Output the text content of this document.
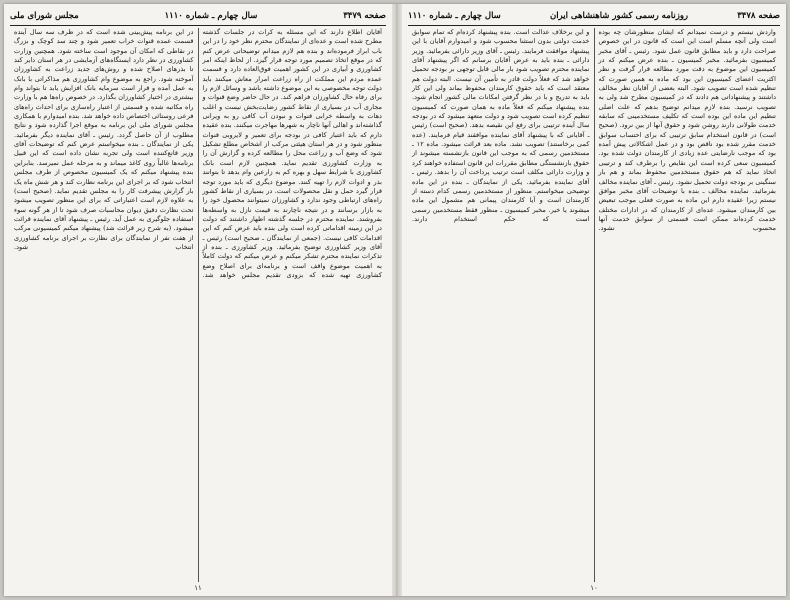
صفحه ۳۴۷۹
سال چهارم ـ شماره ۱۱۱۰
مجلس شورای ملی

آقایان اطلاع دارند که این مسئله به کرات در جلسات گذشته مطرح شده است و عده‌ای از نمایندگان محترم نظر خود را در این باب ابراز فرموده‌اند و بنده هم لازم میدانم توضیحاتی عرض کنم که در موقع اتخاذ تصمیم مورد توجه قرار گیرد. از لحاظ اینکه امر کشاورزی و آبیاری در این کشور اهمیت فوق‌العاده دارد و قسمت عمده مردم این مملکت از راه زراعت امرار معاش میکنند باید دولت توجه مخصوصی به این موضوع داشته باشد و وسائل لازم را برای رفاه حال کشاورزان فراهم کند. در حال حاضر وضع قنوات و مجاری آب در بسیاری از نقاط کشور رضایت‌بخش نیست و اغلب دهات به واسطه خرابی قنوات و نبودن آب کافی رو به ویرانی گذاشته‌اند و اهالی آنها ناچار به شهرها مهاجرت میکنند. بنده عقیده دارم که باید اعتبار کافی در بودجه برای تعمیر و لایروبی قنوات منظور شود و در هر استان هیئتی مرکب از اشخاص مطلع تشکیل شود که وضع آب و زراعت محل را مطالعه کرده و گزارش آن را به وزارت کشاورزی تقدیم نماید. همچنین لازم است بانک کشاورزی با شرایط سهل و بهره کم به زارعین وام بدهد تا بتوانند بذر و ادوات لازم را تهیه کنند. موضوع دیگری که باید مورد توجه قرار گیرد حمل و نقل محصولات است. در بسیاری از نقاط کشور راه‌های ارتباطی وجود ندارد و کشاورزان نمیتوانند محصول خود را به بازار برسانند و در نتیجه ناچارند به قیمت نازل به واسطه‌ها بفروشند. نماینده محترم در جلسه گذشته اظهار داشتند که دولت در این زمینه اقداماتی کرده است ولی بنده باید عرض کنم که این اقدامات کافی نیست. (جمعی از نمایندگان ـ صحیح است) رئیس ـ آقای وزیر کشاورزی توضیح بفرمائید. وزیر کشاورزی ـ بنده از تذکرات نماینده محترم تشکر میکنم و عرض میکنم که دولت کاملاً به اهمیت موضوع واقف است و برنامه‌ای برای اصلاح وضع کشاورزی تهیه شده که بزودی تقدیم مجلس خواهد شد.

در این برنامه پیش‌بینی شده است که در ظرف سه سال آینده قسمت عمده قنوات خراب تعمیر شود و چند سد کوچک و بزرگ در نقاطی که امکان آن موجود است ساخته شود. همچنین وزارت کشاورزی در نظر دارد ایستگاه‌های آزمایشی در هر استان دایر کند تا بذرهای اصلاح شده و روش‌های جدید زراعت به کشاورزان آموخته شود. راجع به موضوع وام کشاورزی هم مذاکراتی با بانک به عمل آمده و قرار است سرمایه بانک افزایش یابد تا بتواند وام بیشتری در اختیار کشاورزان بگذارد. در خصوص راه‌ها هم با وزارت راه مکاتبه شده و قسمتی از اعتبار راه‌سازی برای احداث راه‌های فرعی روستائی اختصاص داده خواهد شد. بنده امیدوارم با همکاری مجلس شورای ملی این برنامه به موقع اجرا گذارده شود و نتایج مطلوب از آن حاصل گردد. رئیس ـ آقای نماینده دیگر بفرمائید. یکی از نمایندگان ـ بنده میخواستم عرض کنم که توضیحات آقای وزیر قانع‌کننده است ولی تجربه نشان داده است که این قبیل برنامه‌ها غالباً روی کاغذ میماند و به مرحله عمل نمیرسد. بنابراین بنده پیشنهاد میکنم که یک کمیسیون مخصوص از طرف مجلس انتخاب شود که بر اجرای این برنامه نظارت کند و هر شش ماه یک بار گزارش پیشرفت کار را به مجلس تقدیم نماید. (صحیح است) به علاوه لازم است اعتباراتی که برای این منظور تصویب میشود تحت نظارت دقیق دیوان محاسبات صرف شود تا از هر گونه سوء استفاده جلوگیری به عمل آید. رئیس ـ پیشنهاد آقای نماینده قرائت میشود. (به شرح زیر قرائت شد) پیشنهاد میکنم کمیسیونی مرکب از هفت نفر از نمایندگان برای نظارت بر اجرای برنامه کشاورزی انتخاب شود.

۱۱
صفحه ۳۴۷۸
روزنامه رسمی کشور شاهنشاهی ایران
سال چهارم ـ شماره ۱۱۱۰

واردش نیستم و درست نمیدانم که ایشان منظورشان چه بوده است ولی آنچه مسلم است این است که قانون در این خصوص صراحت دارد و باید مطابق قانون عمل شود. رئیس ـ آقای مخبر کمیسیون بفرمائید. مخبر کمیسیون ـ بنده عرض میکنم که در کمیسیون این موضوع به دقت مورد مطالعه قرار گرفت و نظر اکثریت اعضای کمیسیون این بود که ماده به همین صورت که تنظیم شده است تصویب شود. البته بعضی از آقایان نظر مخالف داشتند و پیشنهاداتی هم دادند که در کمیسیون مطرح شد ولی به تصویب نرسید. بنده لازم میدانم توضیح بدهم که علت اصلی تنظیم این ماده این بوده است که تکلیف مستخدمینی که سابقه خدمت طولانی دارند روشن شود و حقوق آنها از بین نرود. (صحیح است) در قانون استخدام سابق ترتیبی که برای احتساب سوابق خدمت مقرر شده بود ناقص بود و در عمل اشکالاتی پیش آمده بود که موجب نارضایتی عده زیادی از کارمندان دولت شده بود. کمیسیون سعی کرده است این نقایص را برطرف کند و ترتیبی اتخاذ نماید که هم حقوق مستخدمین محفوظ بماند و هم بار سنگینی بر بودجه دولت تحمیل نشود. رئیس ـ آقای نماینده مخالف بفرمائید. نماینده مخالف ـ بنده با توضیحات آقای مخبر موافق نیستم زیرا عقیده دارم این ماده به صورت فعلی موجب تبعیض بین کارمندان میشود. عده‌ای از کارمندان که در ادارات مختلف خدمت کرده‌اند ممکن است قسمتی از سوابق خدمت آنها محسوب نشود.

و این برخلاف عدالت است. بنده پیشنهاد کرده‌ام که تمام سوابق خدمت دولتی بدون استثنا محسوب شود و امیدوارم آقایان با این پیشنهاد موافقت فرمایند. رئیس ـ آقای وزیر دارائی بفرمائید. وزیر دارائی ـ بنده باید به عرض آقایان برسانم که اگر پیشنهاد آقای نماینده محترم تصویب شود بار مالی قابل توجهی بر بودجه تحمیل خواهد شد که فعلاً دولت قادر به تأمین آن نیست. البته دولت هم معتقد است که باید حقوق کارمندان محفوظ بماند ولی این کار باید به تدریج و با در نظر گرفتن امکانات مالی کشور انجام شود. بنده پیشنهاد میکنم که فعلاً ماده به همان صورت که کمیسیون تنظیم کرده است تصویب شود و دولت متعهد میشود که در بودجه سال آینده ترتیبی برای رفع این نقیصه بدهد. (صحیح است) رئیس ـ آقایانی که با پیشنهاد آقای نماینده موافقند قیام فرمایند. (عده کمی برخاستند) تصویب نشد. ماده بعد قرائت میشود. ماده ۱۲ ـ مستخدمین رسمی که به موجب این قانون بازنشسته میشوند از حقوق بازنشستگی مطابق مقررات این قانون استفاده خواهند کرد و وزارت دارائی مکلف است ترتیب پرداخت آن را بدهد. رئیس ـ آقای نماینده بفرمائید. یکی از نمایندگان ـ بنده در این ماده توضیحی میخواستم. منظور از مستخدمین رسمی کدام دسته از کارمندان است و آیا کارمندان پیمانی هم مشمول این ماده میشوند یا خیر. مخبر کمیسیون ـ منظور فقط مستخدمین رسمی است که حکم استخدام دارند.

۱۰
